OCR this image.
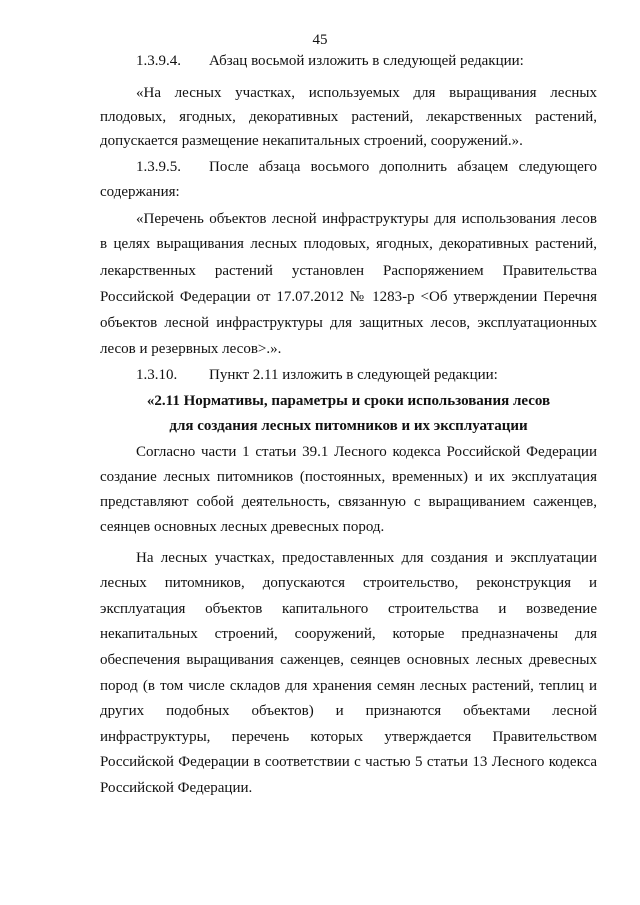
45
1.3.9.4. Абзац восьмой изложить в следующей редакции:
«На лесных участках, используемых для выращивания лесных
плодовых, ягодных, декоративных растений, лекарственных растений,
допускается размещение некапитальных строений, сооружений.».
1.3.9.5. После абзаца восьмого дополнить абзацем следующего
содержания:
«Перечень объектов лесной инфраструктуры для использования лесов
в целях выращивания лесных плодовых, ягодных, декоративных растений,
лекарственных растений установлен Распоряжением Правительства
Российской Федерации от 17.07.2012 № 1283-р <Об утверждении Перечня
объектов лесной инфраструктуры для защитных лесов, эксплуатационных
лесов и резервных лесов>.».
1.3.10. Пункт 2.11 изложить в следующей редакции:
«2.11 Нормативы, параметры и сроки использования лесов
для создания лесных питомников и их эксплуатации
Согласно части 1 статьи 39.1 Лесного кодекса Российской Федерации
создание лесных питомников (постоянных, временных) и их эксплуатация
представляют собой деятельность, связанную с выращиванием саженцев,
сеянцев основных лесных древесных пород.
На лесных участках, предоставленных для создания и эксплуатации
лесных питомников, допускаются строительство, реконструкция и
эксплуатация объектов капитального строительства и возведение
некапитальных строений, сооружений, которые предназначены для
обеспечения выращивания саженцев, сеянцев основных лесных древесных
пород (в том числе складов для хранения семян лесных растений, теплиц и
других подобных объектов) и признаются объектами лесной
инфраструктуры, перечень которых утверждается Правительством
Российской Федерации в соответствии с частью 5 статьи 13 Лесного кодекса
Российской Федерации.
